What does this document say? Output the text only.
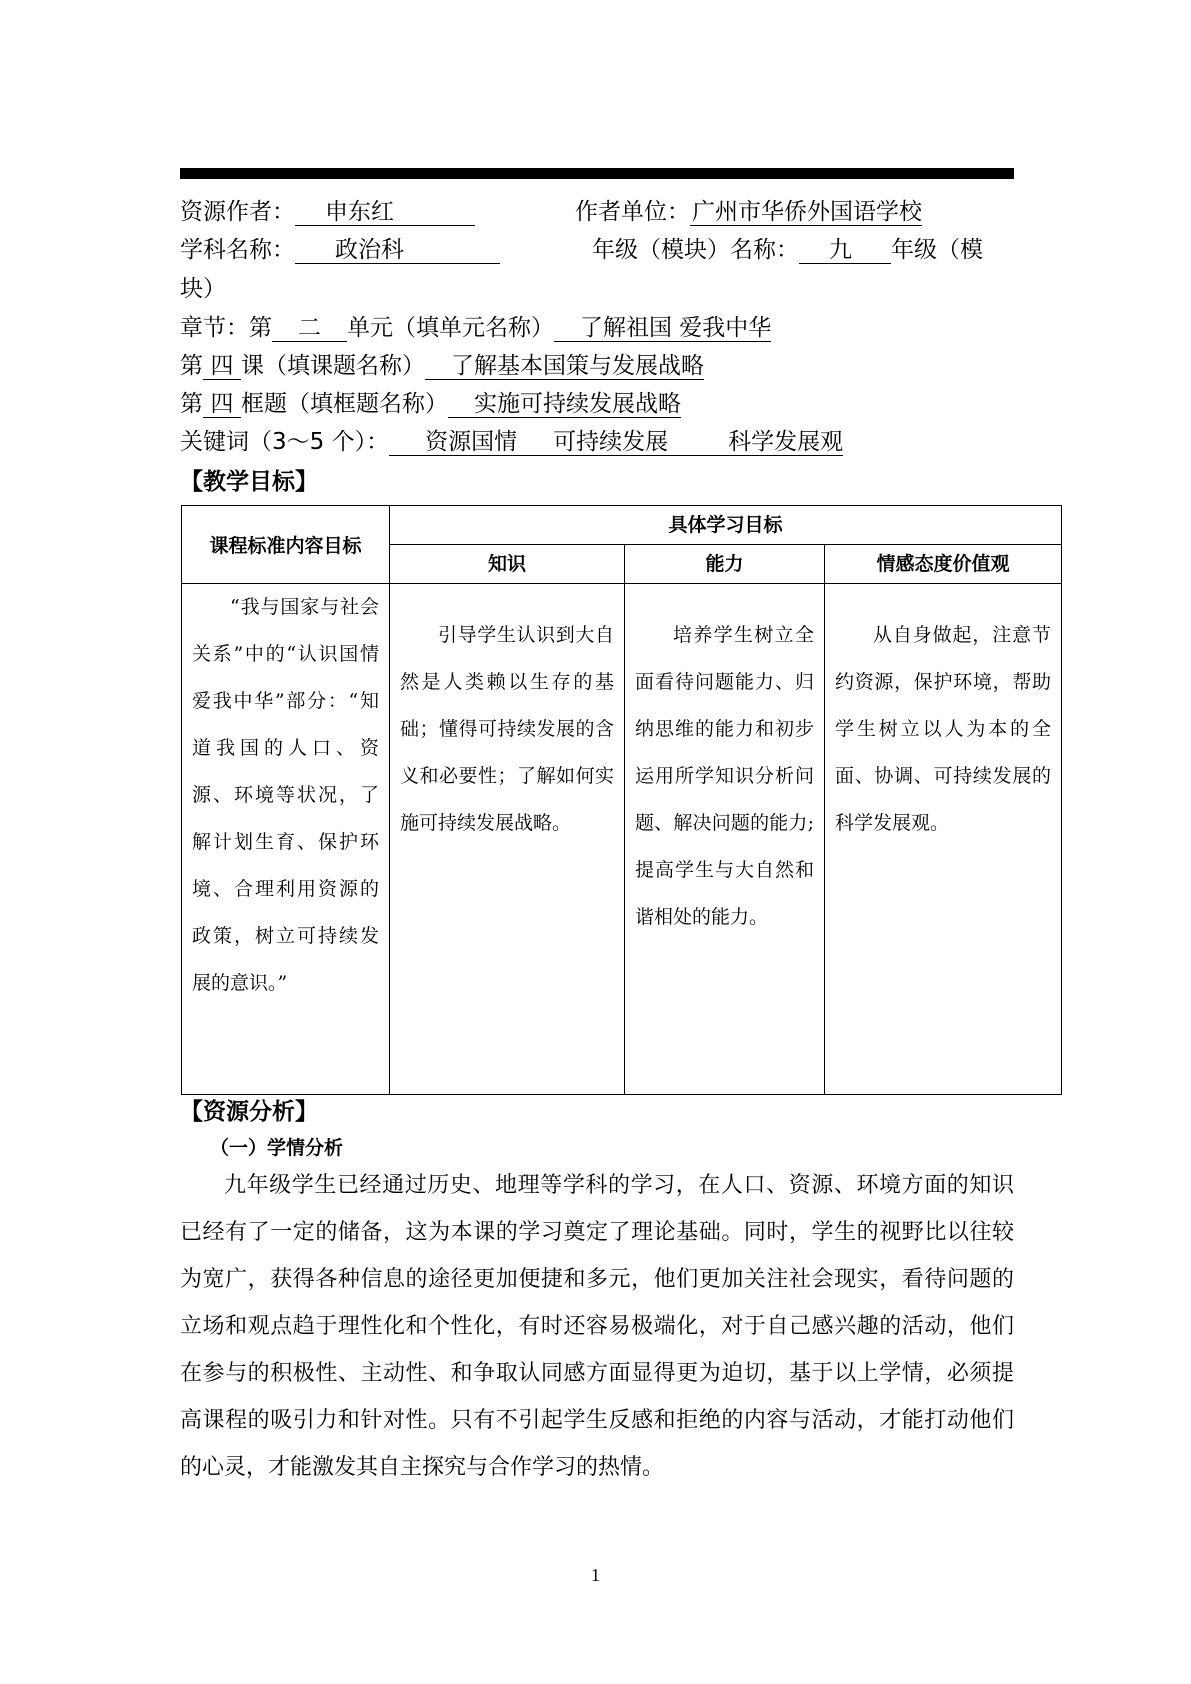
资源作者： 申东红	作者单位：广州市华侨外国语学校
学科名称： 政治科	年级（模块）名称： 九 年级（模
块）
章节：第 二 单元（填单元名称） 了解祖国 爱我中华
第 四 课（填课题名称） 了解基本国策与发展战略
第 四 框题（填框题名称） 实施可持续发展战略
关键词（3～5 个）： 资源国情 可持续发展	科学发展观
【教学目标】
课程标准内容目标	具体学习目标		
	知识	能力	情感态度价值观

“我与国家与社会关系”中的“认识国情爱我中华”部分：“知道我国的人口、资源、环境等状况，了解计划生育、保护环境、合理利用资源的政策，树立可持续发展的意识。”	引导学生认识到大自然是人类赖以生存的基础；懂得可持续发展的含义和必要性；了解如何实施可持续发展战略。	培养学生树立全面看待问题能力、归纳思维的能力和初步运用所学知识分析问题、解决问题的能力;提高学生与大自然和谐相处的能力。	从自身做起，注意节约资源，保护环境，帮助学生树立以人为本的全面、协调、可持续发展的科学发展观。
【资源分析】
（一）学情分析
九年级学生已经通过历史、地理等学科的学习，在人口、资源、环境方面的知识已经有了一定的储备，这为本课的学习奠定了理论基础。同时，学生的视野比以往较为宽广，获得各种信息的途径更加便捷和多元，他们更加关注社会现实，看待问题的立场和观点趋于理性化和个性化，有时还容易极端化，对于自己感兴趣的活动，他们在参与的积极性、主动性、和争取认同感方面显得更为迫切，基于以上学情，必须提高课程的吸引力和针对性。只有不引起学生反感和拒绝的内容与活动，才能打动他们的心灵，才能激发其自主探究与合作学习的热情。
1
